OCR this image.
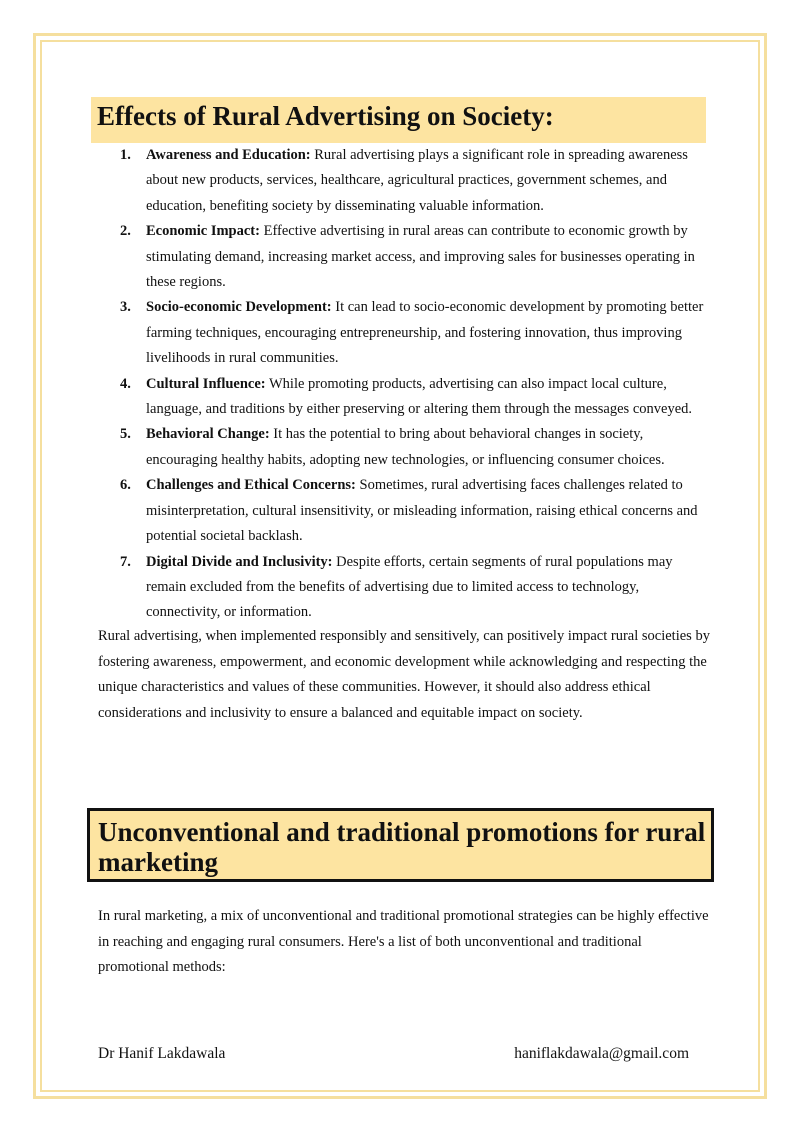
Effects of Rural Advertising on Society:
1. Awareness and Education: Rural advertising plays a significant role in spreading awareness about new products, services, healthcare, agricultural practices, government schemes, and education, benefiting society by disseminating valuable information.
2. Economic Impact: Effective advertising in rural areas can contribute to economic growth by stimulating demand, increasing market access, and improving sales for businesses operating in these regions.
3. Socio-economic Development: It can lead to socio-economic development by promoting better farming techniques, encouraging entrepreneurship, and fostering innovation, thus improving livelihoods in rural communities.
4. Cultural Influence: While promoting products, advertising can also impact local culture, language, and traditions by either preserving or altering them through the messages conveyed.
5. Behavioral Change: It has the potential to bring about behavioral changes in society, encouraging healthy habits, adopting new technologies, or influencing consumer choices.
6. Challenges and Ethical Concerns: Sometimes, rural advertising faces challenges related to misinterpretation, cultural insensitivity, or misleading information, raising ethical concerns and potential societal backlash.
7. Digital Divide and Inclusivity: Despite efforts, certain segments of rural populations may remain excluded from the benefits of advertising due to limited access to technology, connectivity, or information.

Rural advertising, when implemented responsibly and sensitively, can positively impact rural societies by fostering awareness, empowerment, and economic development while acknowledging and respecting the unique characteristics and values of these communities. However, it should also address ethical considerations and inclusivity to ensure a balanced and equitable impact on society.

Unconventional and traditional promotions for rural marketing

In rural marketing, a mix of unconventional and traditional promotional strategies can be highly effective in reaching and engaging rural consumers. Here's a list of both unconventional and traditional promotional methods:

Dr Hanif Lakdawala	haniflakdawala@gmail.com
